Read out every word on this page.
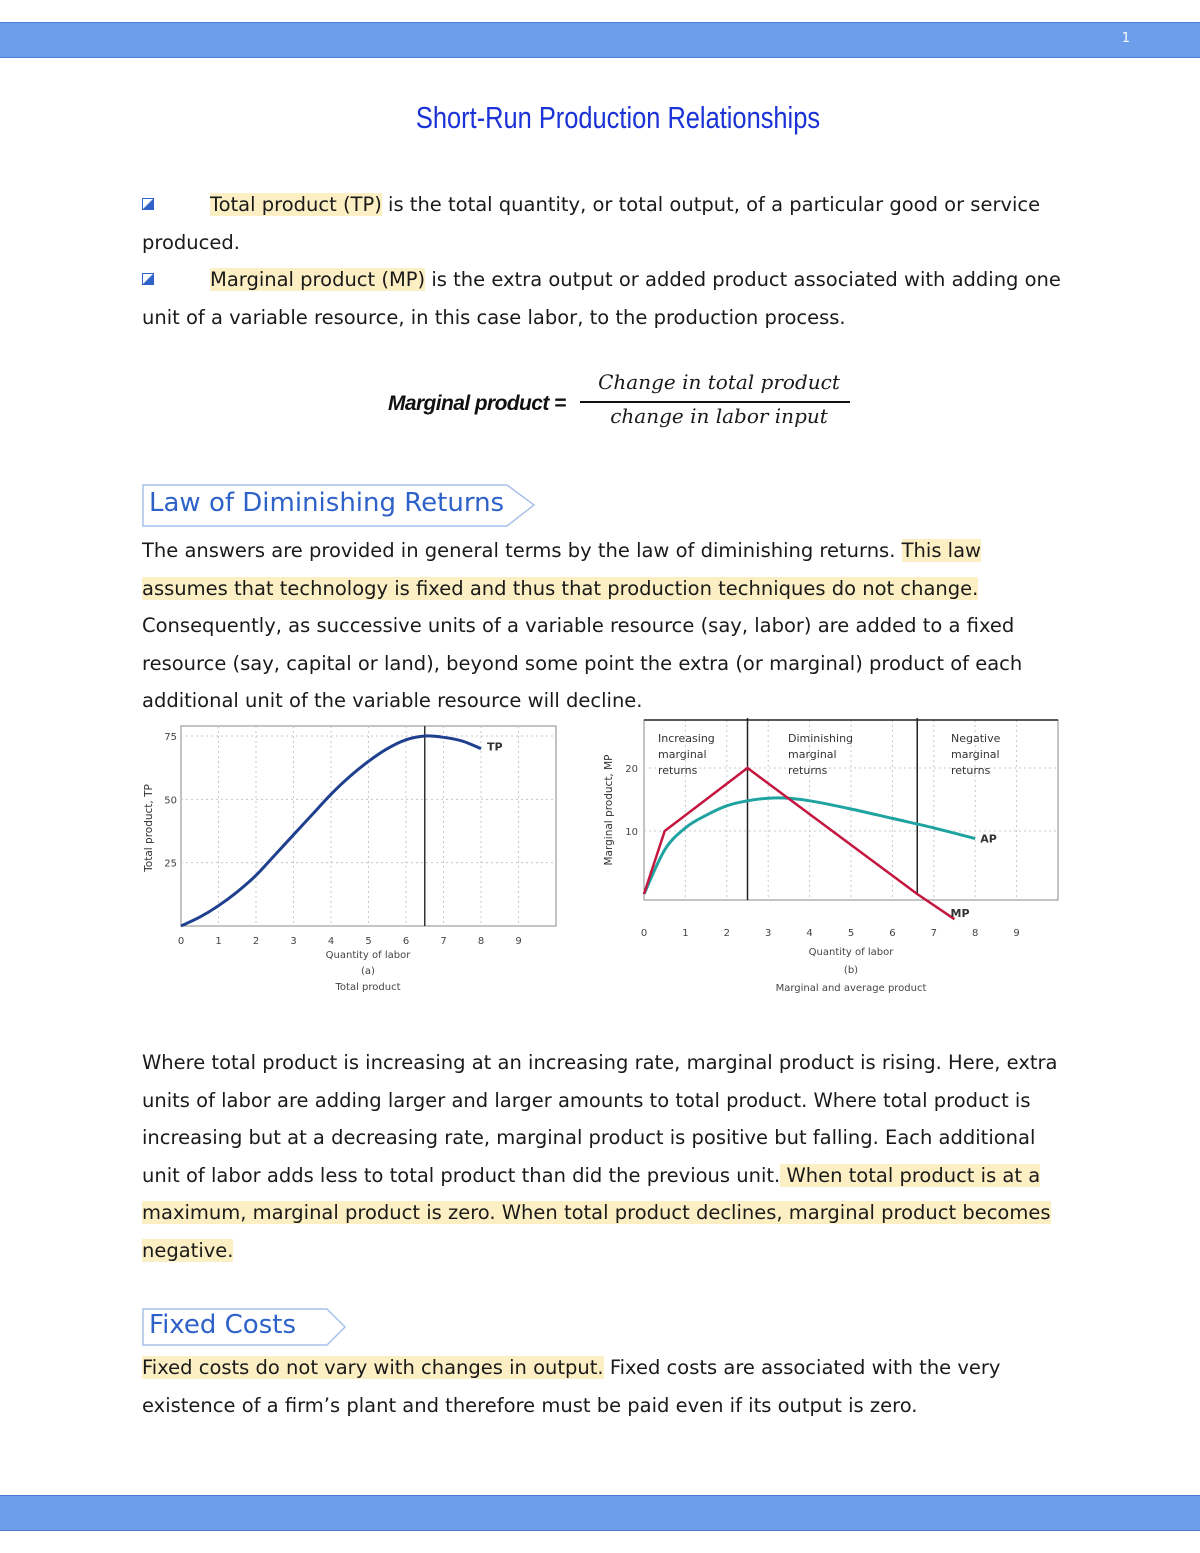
1
Short-Run Production Relationships
Total product (TP) is the total quantity, or total output, of a particular good or service produced.
Marginal product (MP) is the extra output or added product associated with adding one unit of a variable resource, in this case labor, to the production process.
Marginal product =
Change in total product
change in labor input
Law of Diminishing Returns
The answers are provided in general terms by the law of diminishing returns. This law assumes that technology is fixed and thus that production techniques do not change. Consequently, as successive units of a variable resource (say, labor) are added to a fixed resource (say, capital or land), beyond some point the extra (or marginal) product of each additional unit of the variable resource will decline.
0	1	2	3	4	5	6	7	8	9
25
50
75
TP
Total product, TP
Quantity of labor
(a)
Total product
0	1	2	3	4	5	6	7	8	9
10
20
Increasing marginal returns
Diminishing marginal returns
Negative marginal returns
AP
MP
Marginal product, MP
Quantity of labor
(b)
Marginal and average product
Where total product is increasing at an increasing rate, marginal product is rising. Here, extra units of labor are adding larger and larger amounts to total product. Where total product is increasing but at a decreasing rate, marginal product is positive but falling. Each additional unit of labor adds less to total product than did the previous unit. When total product is at a maximum, marginal product is zero. When total product declines, marginal product becomes negative.
Fixed Costs
Fixed costs do not vary with changes in output. Fixed costs are associated with the very existence of a firm’s plant and therefore must be paid even if its output is zero.
